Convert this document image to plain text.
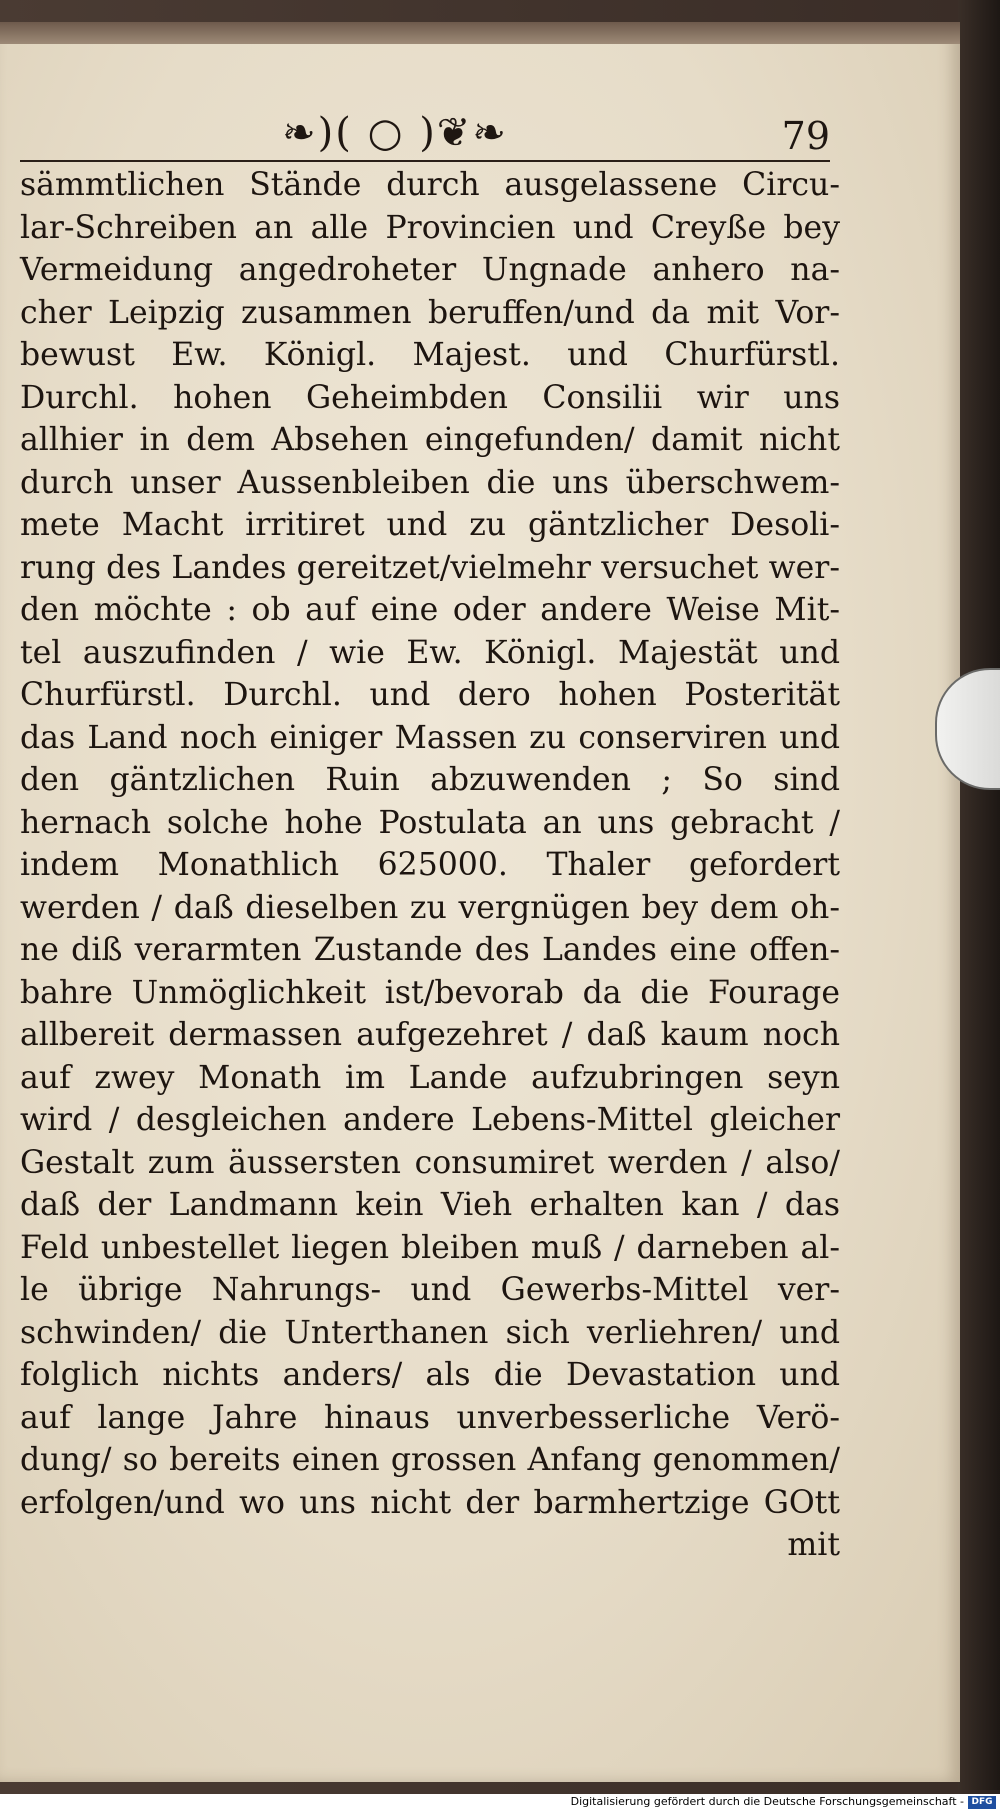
❧)( ○ )❦❧	79
sämmtlichen Stände durch ausgelassene Circu-
lar-Schreiben an alle Provincien und Creyße bey
Vermeidung angedroheter Ungnade anhero na-
cher Leipzig zusammen beruffen/und da mit Vor-
bewust Ew. Königl. Majest. und Churfürstl.
Durchl. hohen Geheimbden Consilii wir uns
allhier in dem Absehen eingefunden/ damit nicht
durch unser Aussenbleiben die uns überschwem-
mete Macht irritiret und zu gäntzlicher Desoli-
rung des Landes gereitzet/vielmehr versuchet wer-
den möchte : ob auf eine oder andere Weise Mit-
tel auszufinden / wie Ew. Königl. Majestät und
Churfürstl. Durchl. und dero hohen Posterität
das Land noch einiger Massen zu conserviren und
den gäntzlichen Ruin abzuwenden ; So sind
hernach solche hohe Postulata an uns gebracht /
indem Monathlich 625000. Thaler gefordert
werden / daß dieselben zu vergnügen bey dem oh-
ne diß verarmten Zustande des Landes eine offen-
bahre Unmöglichkeit ist/bevorab da die Fourage
allbereit dermassen aufgezehret / daß kaum noch
auf zwey Monath im Lande aufzubringen seyn
wird / desgleichen andere Lebens-Mittel gleicher
Gestalt zum äussersten consumiret werden / also/
daß der Landmann kein Vieh erhalten kan / das
Feld unbestellet liegen bleiben muß / darneben al-
le übrige Nahrungs- und Gewerbs-Mittel ver-
schwinden/ die Unterthanen sich verliehren/ und
folglich nichts anders/ als die Devastation und
auf lange Jahre hinaus unverbesserliche Verö-
dung/ so bereits einen grossen Anfang genommen/
erfolgen/und wo uns nicht der barmhertzige GOtt
mit
Digitalisierung gefördert durch die Deutsche Forschungsgemeinschaft - DFG
